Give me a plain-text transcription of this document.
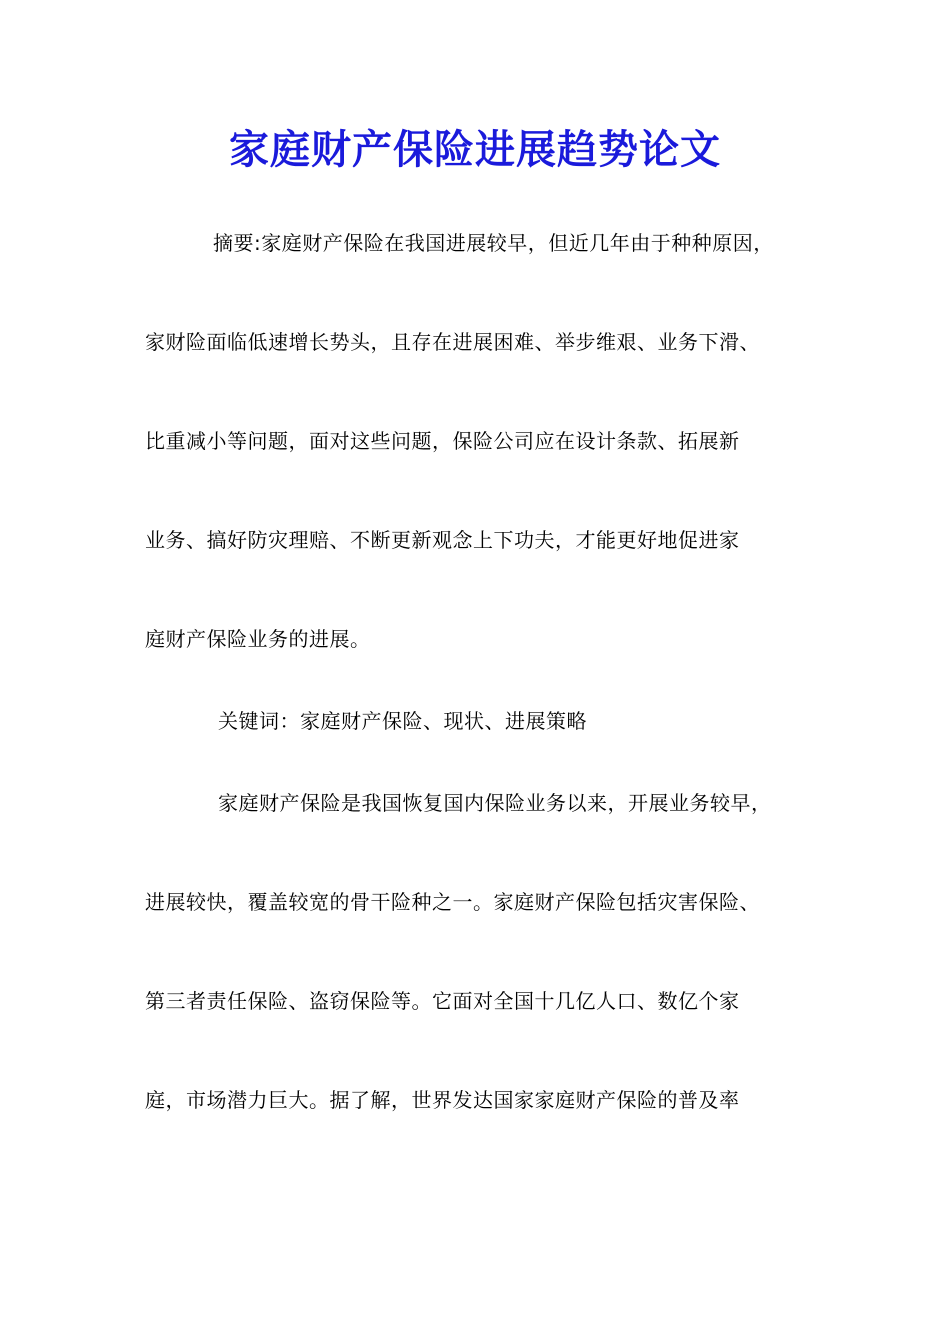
家庭财产保险进展趋势论文
摘要:家庭财产保险在我国进展较早，但近几年由于种种原因，
家财险面临低速增长势头，且存在进展困难、举步维艰、业务下滑、
比重减小等问题，面对这些问题，保险公司应在设计条款、拓展新
业务、搞好防灾理赔、不断更新观念上下功夫，才能更好地促进家
庭财产保险业务的进展。
关键词：家庭财产保险、现状、进展策略
家庭财产保险是我国恢复国内保险业务以来，开展业务较早，
进展较快，覆盖较宽的骨干险种之一。家庭财产保险包括灾害保险、
第三者责任保险、盗窃保险等。它面对全国十几亿人口、数亿个家
庭，市场潜力巨大。据了解，世界发达国家家庭财产保险的普及率
